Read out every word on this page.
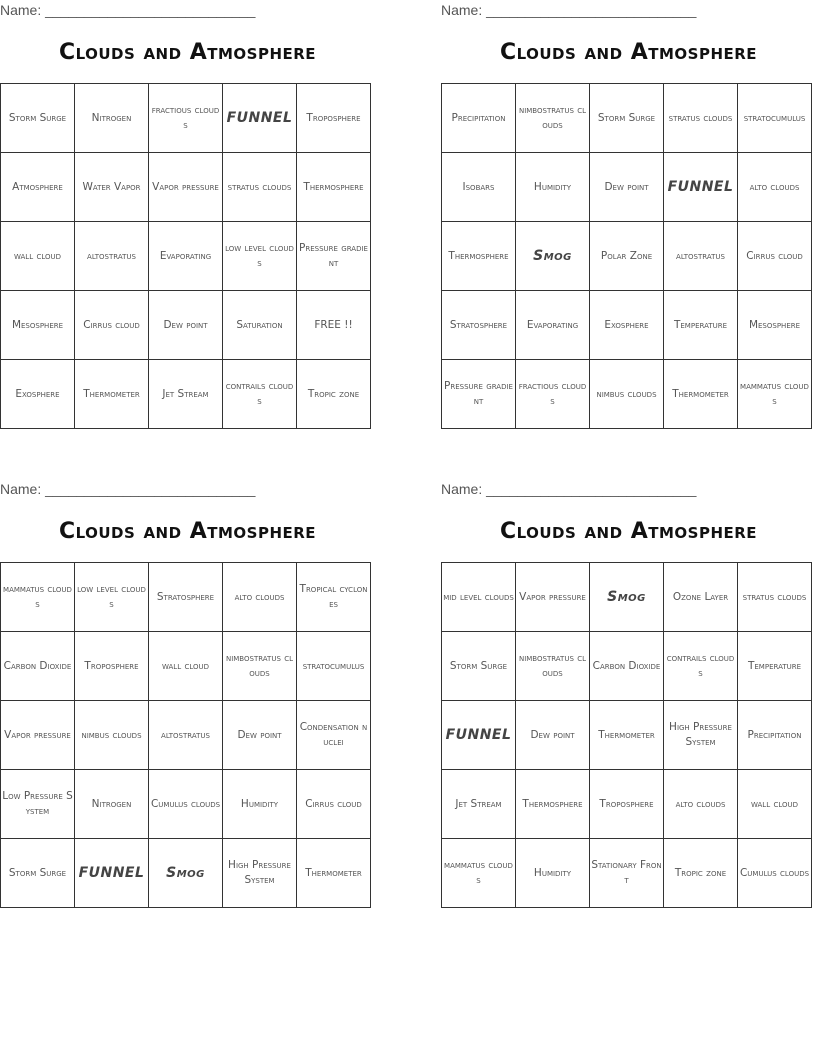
Name: ___________________________
Clouds and Atmosphere
Storm Surge	Nitrogen	fractious clouds	FUNNEL	Troposphere
Atmosphere	Water Vapor	Vapor pressure	stratus clouds	Thermosphere
wall cloud	altostratus	Evaporating	low level clouds	Pressure gradient
Mesosphere	Cirrus cloud	Dew point	Saturation	FREE !!
Exosphere	Thermometer	Jet Stream	contrails clouds	Tropic zone
Name: ___________________________
Clouds and Atmosphere
Precipitation	nimbostratus clouds	Storm Surge	stratus clouds	stratocumulus
Isobars	Humidity	Dew point	FUNNEL	alto clouds
Thermosphere	Smog	Polar Zone	altostratus	Cirrus cloud
Stratosphere	Evaporating	Exosphere	Temperature	Mesosphere
Pressure gradient	fractious clouds	nimbus clouds	Thermometer	mammatus clouds
Name: ___________________________
Clouds and Atmosphere
mammatus clouds	low level clouds	Stratosphere	alto clouds	Tropical cyclones
Carbon Dioxide	Troposphere	wall cloud	nimbostratus clouds	stratocumulus
Vapor pressure	nimbus clouds	altostratus	Dew point	Condensation nuclei
Low Pressure System	Nitrogen	Cumulus clouds	Humidity	Cirrus cloud
Storm Surge	FUNNEL	Smog	High Pressure System	Thermometer
Name: ___________________________
Clouds and Atmosphere
mid level clouds	Vapor pressure	Smog	Ozone Layer	stratus clouds
Storm Surge	nimbostratus clouds	Carbon Dioxide	contrails clouds	Temperature
FUNNEL	Dew point	Thermometer	High Pressure System	Precipitation
Jet Stream	Thermosphere	Troposphere	alto clouds	wall cloud
mammatus clouds	Humidity	Stationary Front	Tropic zone	Cumulus clouds
